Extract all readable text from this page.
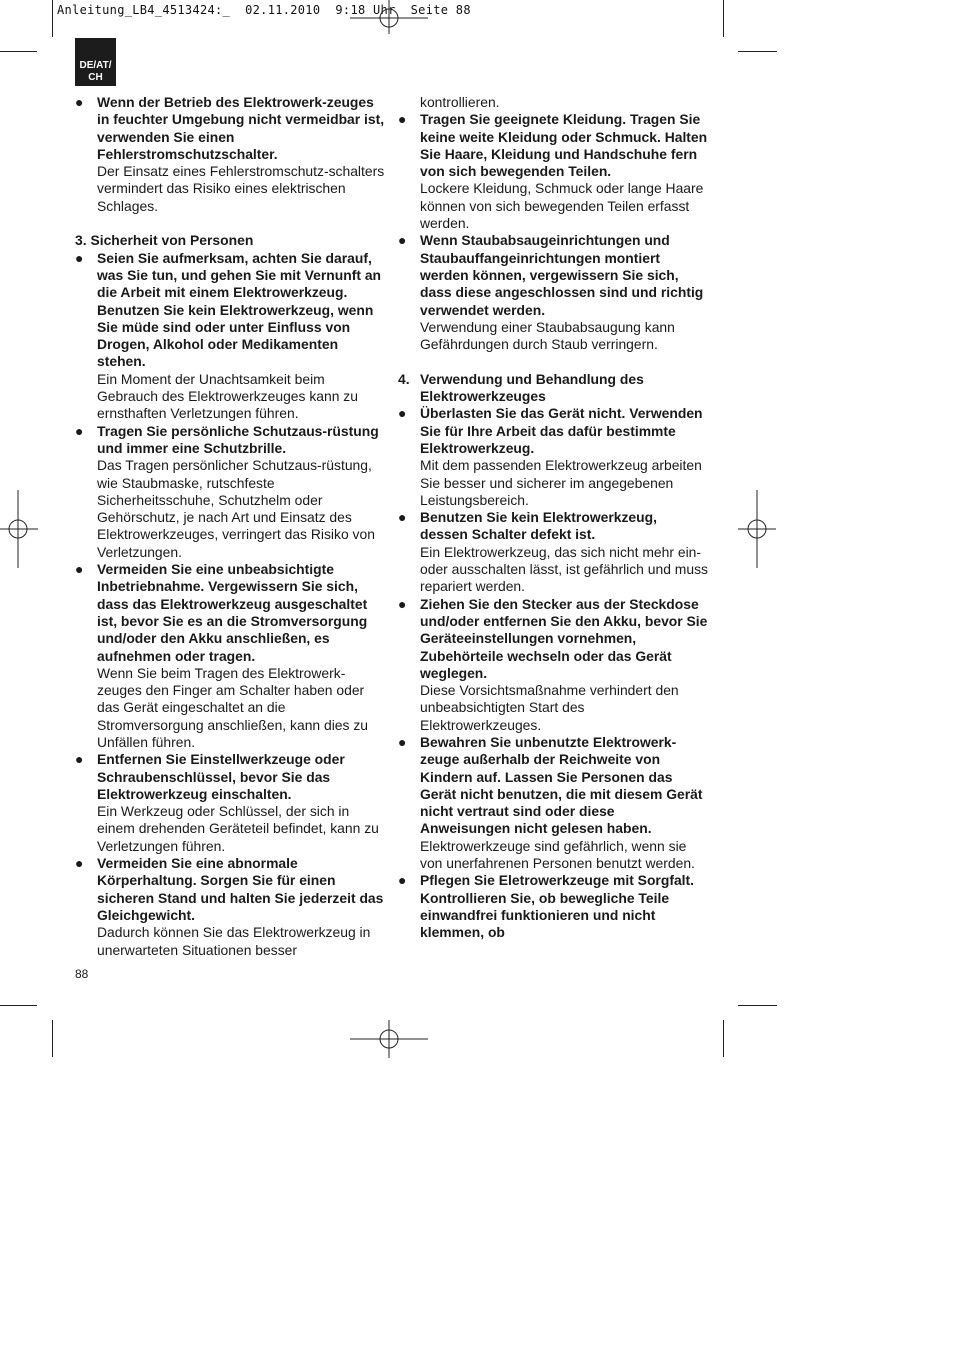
Anleitung_LB4_4513424:_  02.11.2010  9:18 Uhr  Seite 88
DE/AT/
CH
● Wenn der Betrieb des Elektrowerk-zeuges in feuchter Umgebung nicht vermeidbar ist, verwenden Sie einen Fehlerstromschutzschalter.
Der Einsatz eines Fehlerstromschutz-schalters vermindert das Risiko eines elektrischen Schlages.
3. Sicherheit von Personen
● Seien Sie aufmerksam, achten Sie darauf, was Sie tun, und gehen Sie mit Vernunft an die Arbeit mit einem Elektrowerkzeug. Benutzen Sie kein Elektrowerkzeug, wenn Sie müde sind oder unter Einfluss von Drogen, Alkohol oder Medikamenten stehen.
Ein Moment der Unachtsamkeit beim Gebrauch des Elektrowerkzeuges kann zu ernsthaften Verletzungen führen.
● Tragen Sie persönliche Schutzaus-rüstung und immer eine Schutzbrille.
Das Tragen persönlicher Schutzaus-rüstung, wie Staubmaske, rutschfeste Sicherheitsschuhe, Schutzhelm oder Gehörschutz, je nach Art und Einsatz des Elektrowerkzeuges, verringert das Risiko von Verletzungen.
● Vermeiden Sie eine unbeabsichtigte Inbetriebnahme. Vergewissern Sie sich, dass das Elektrowerkzeug ausgeschaltet ist, bevor Sie es an die Stromversorgung und/oder den Akku anschließen, es aufnehmen oder tragen.
Wenn Sie beim Tragen des Elektrowerk-zeuges den Finger am Schalter haben oder das Gerät eingeschaltet an die Stromversorgung anschließen, kann dies zu Unfällen führen.
● Entfernen Sie Einstellwerkzeuge oder Schraubenschlüssel, bevor Sie das Elektrowerkzeug einschalten.
Ein Werkzeug oder Schlüssel, der sich in einem drehenden Geräteteil befindet, kann zu Verletzungen führen.
● Vermeiden Sie eine abnormale Körperhaltung. Sorgen Sie für einen sicheren Stand und halten Sie jederzeit das Gleichgewicht.
Dadurch können Sie das Elektrowerkzeug in unerwarteten Situationen besser
kontrollieren.
● Tragen Sie geeignete Kleidung. Tragen Sie keine weite Kleidung oder Schmuck. Halten Sie Haare, Kleidung und Handschuhe fern von sich bewegenden Teilen.
Lockere Kleidung, Schmuck oder lange Haare können von sich bewegenden Teilen erfasst werden.
● Wenn Staubabsaugeinrichtungen und Staubauffangeinrichtungen montiert werden können, vergewissern Sie sich, dass diese angeschlossen sind und richtig verwendet werden.
Verwendung einer Staubabsaugung kann Gefährdungen durch Staub verringern.
4. Verwendung und Behandlung des Elektrowerkzeuges
● Überlasten Sie das Gerät nicht. Verwenden Sie für Ihre Arbeit das dafür bestimmte Elektrowerkzeug.
Mit dem passenden Elektrowerkzeug arbeiten Sie besser und sicherer im angegebenen Leistungsbereich.
● Benutzen Sie kein Elektrowerkzeug, dessen Schalter defekt ist.
Ein Elektrowerkzeug, das sich nicht mehr ein- oder ausschalten lässt, ist gefährlich und muss repariert werden.
● Ziehen Sie den Stecker aus der Steckdose und/oder entfernen Sie den Akku, bevor Sie Geräteeinstellungen vornehmen, Zubehörteile wechseln oder das Gerät weglegen.
Diese Vorsichtsmaßnahme verhindert den unbeabsichtigten Start des Elektrowerkzeuges.
● Bewahren Sie unbenutzte Elektrowerk-zeuge außerhalb der Reichweite von Kindern auf. Lassen Sie Personen das Gerät nicht benutzen, die mit diesem Gerät nicht vertraut sind oder diese Anweisungen nicht gelesen haben.
Elektrowerkzeuge sind gefährlich, wenn sie von unerfahrenen Personen benutzt werden.
● Pflegen Sie Eletrowerkzeuge mit Sorgfalt. Kontrollieren Sie, ob bewegliche Teile einwandfrei funktionieren und nicht klemmen, ob
88
